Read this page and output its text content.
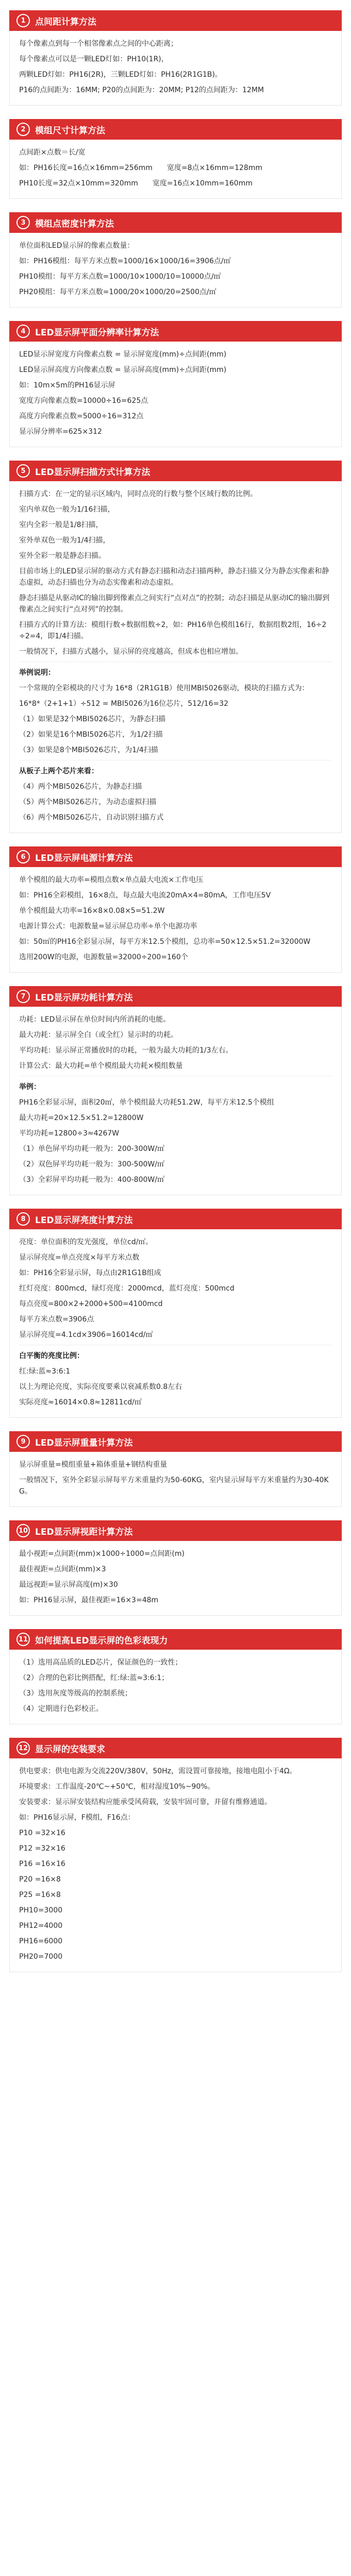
1	点间距计算方法

每个像素点到每一个相邻像素点之间的中心距离；

每个像素点可以是一颗LED灯如：PH10(1R)，

两颗LED灯如：PH16(2R)，三颗LED灯如：PH16(2R1G1B)。

P16的点间距为：16MM; P20的点间距为：20MM; P12的点间距为：12MM

2	模组尺寸计算方法

点间距×点数＝长/宽

如：PH16长度=16点×16mm=256mm　　宽度=8点×16mm=128mm

PH10长度=32点×10mm=320mm　　宽度=16点×10mm=160mm

3	模组点密度计算方法

单位面积LED显示屏的像素点数量：

如：PH16模组：每平方米点数=1000/16×1000/16=3906点/㎡

PH10模组：每平方米点数=1000/10×1000/10=10000点/㎡

PH20模组：每平方米点数=1000/20×1000/20=2500点/㎡

4	LED显示屏平面分辨率计算方法

LED显示屏宽度方向像素点数 = 显示屏宽度(mm)÷点间距(mm)

LED显示屏高度方向像素点数 = 显示屏高度(mm)÷点间距(mm)

如：10m×5m的PH16显示屏

宽度方向像素点数=10000÷16=625点

高度方向像素点数=5000÷16=312点

显示屏分辨率=625×312

5	LED显示屏扫描方式计算方法

扫描方式：在一定的显示区域内，同时点亮的行数与整个区域行数的比例。

室内单双色一般为1/16扫描，

室内全彩一般是1/8扫描，

室外单双色一般为1/4扫描，

室外全彩一般是静态扫描。

目前市场上的LED显示屏的驱动方式有静态扫描和动态扫描两种，静态扫描又分为静态实像素和静态虚拟，动态扫描也分为动态实像素和动态虚拟。

静态扫描是从驱动IC的输出脚到像素点之间实行“点对点”的控制；动态扫描是从驱动IC的输出脚到像素点之间实行“点对列”的控制。

扫描方式的计算方法：模组行数÷数据组数÷2，如：PH16单色模组16行，数据组数2组，16÷2÷2=4，即1/4扫描。

一般情况下，扫描方式越小，显示屏的亮度越高，但成本也相应增加。

举例说明：

一个常规的全彩模块的尺寸为 16*8（2R1G1B）使用MBI5026驱动，模块的扫描方式为：

16*8*（2+1+1）÷512 = MBI5026为16位芯片，512/16=32

（1）如果是32个MBI5026芯片，为静态扫描

（2）如果是16个MBI5026芯片，为1/2扫描

（3）如果是8个MBI5026芯片，为1/4扫描

从板子上两个芯片来看：

（4）两个MBI5026芯片，为静态扫描

（5）两个MBI5026芯片，为动态虚拟扫描

（6）两个MBI5026芯片，自动识别扫描方式

6	LED显示屏电源计算方法

单个模组的最大功率=模组点数×单点最大电流×工作电压

如：PH16全彩模组，16×8点，每点最大电流20mA×4=80mA，工作电压5V

单个模组最大功率=16×8×0.08×5=51.2W

电源计算公式：电源数量=显示屏总功率÷单个电源功率

如：50㎡的PH16全彩显示屏，每平方米12.5个模组，总功率=50×12.5×51.2=32000W

选用200W的电源，电源数量=32000÷200=160个

7	LED显示屏功耗计算方法

功耗：LED显示屏在单位时间内所消耗的电能。

最大功耗：显示屏全白（或全红）显示时的功耗。

平均功耗：显示屏正常播放时的功耗，一般为最大功耗的1/3左右。

计算公式：最大功耗=单个模组最大功耗×模组数量

举例：

PH16全彩显示屏，面积20㎡，单个模组最大功耗51.2W，每平方米12.5个模组

最大功耗=20×12.5×51.2=12800W

平均功耗=12800÷3≈4267W

（1）单色屏平均功耗一般为：200-300W/㎡

（2）双色屏平均功耗一般为：300-500W/㎡

（3）全彩屏平均功耗一般为：400-800W/㎡

8	LED显示屏亮度计算方法

亮度：单位面积的发光强度，单位cd/㎡。

显示屏亮度=单点亮度×每平方米点数

如：PH16全彩显示屏，每点由2R1G1B组成

红灯亮度：800mcd，绿灯亮度：2000mcd，蓝灯亮度：500mcd

每点亮度=800×2+2000+500=4100mcd

每平方米点数=3906点

显示屏亮度=4.1cd×3906=16014cd/㎡

白平衡的亮度比例：

红:绿:蓝≈3:6:1

以上为理论亮度，实际亮度要乘以衰减系数0.8左右

实际亮度≈16014×0.8≈12811cd/㎡

9	LED显示屏重量计算方法

显示屏重量=模组重量+箱体重量+钢结构重量

一般情况下，室外全彩显示屏每平方米重量约为50-60KG，室内显示屏每平方米重量约为30-40KG。

10 LED显示屏视距计算方法

最小视距=点间距(mm)×1000÷1000=点间距(m)

最佳视距=点间距(mm)×3

最远视距=显示屏高度(m)×30

如：PH16显示屏，最佳视距=16×3=48m

11 如何提高LED显示屏的色彩表现力

（1）选用高品质的LED芯片，保证颜色的一致性；

（2）合理的色彩比例搭配，红:绿:蓝≈3:6:1；

（3）选用灰度等级高的控制系统；

（4）定期进行色彩校正。

12 显示屏的安装要求

供电要求：供电电源为交流220V/380V，50Hz，需设置可靠接地，接地电阻小于4Ω。

环境要求：工作温度-20℃~+50℃，相对湿度10%~90%。

安装要求：显示屏安装结构应能承受风荷载，安装牢固可靠，并留有维修通道。

如：PH16显示屏，F模组，F16点：

P10 =32×16

P12 =32×16

P16 =16×16

P20 =16×8

P25 =16×8

PH10=3000

PH12=4000

PH16=6000

PH20=7000
